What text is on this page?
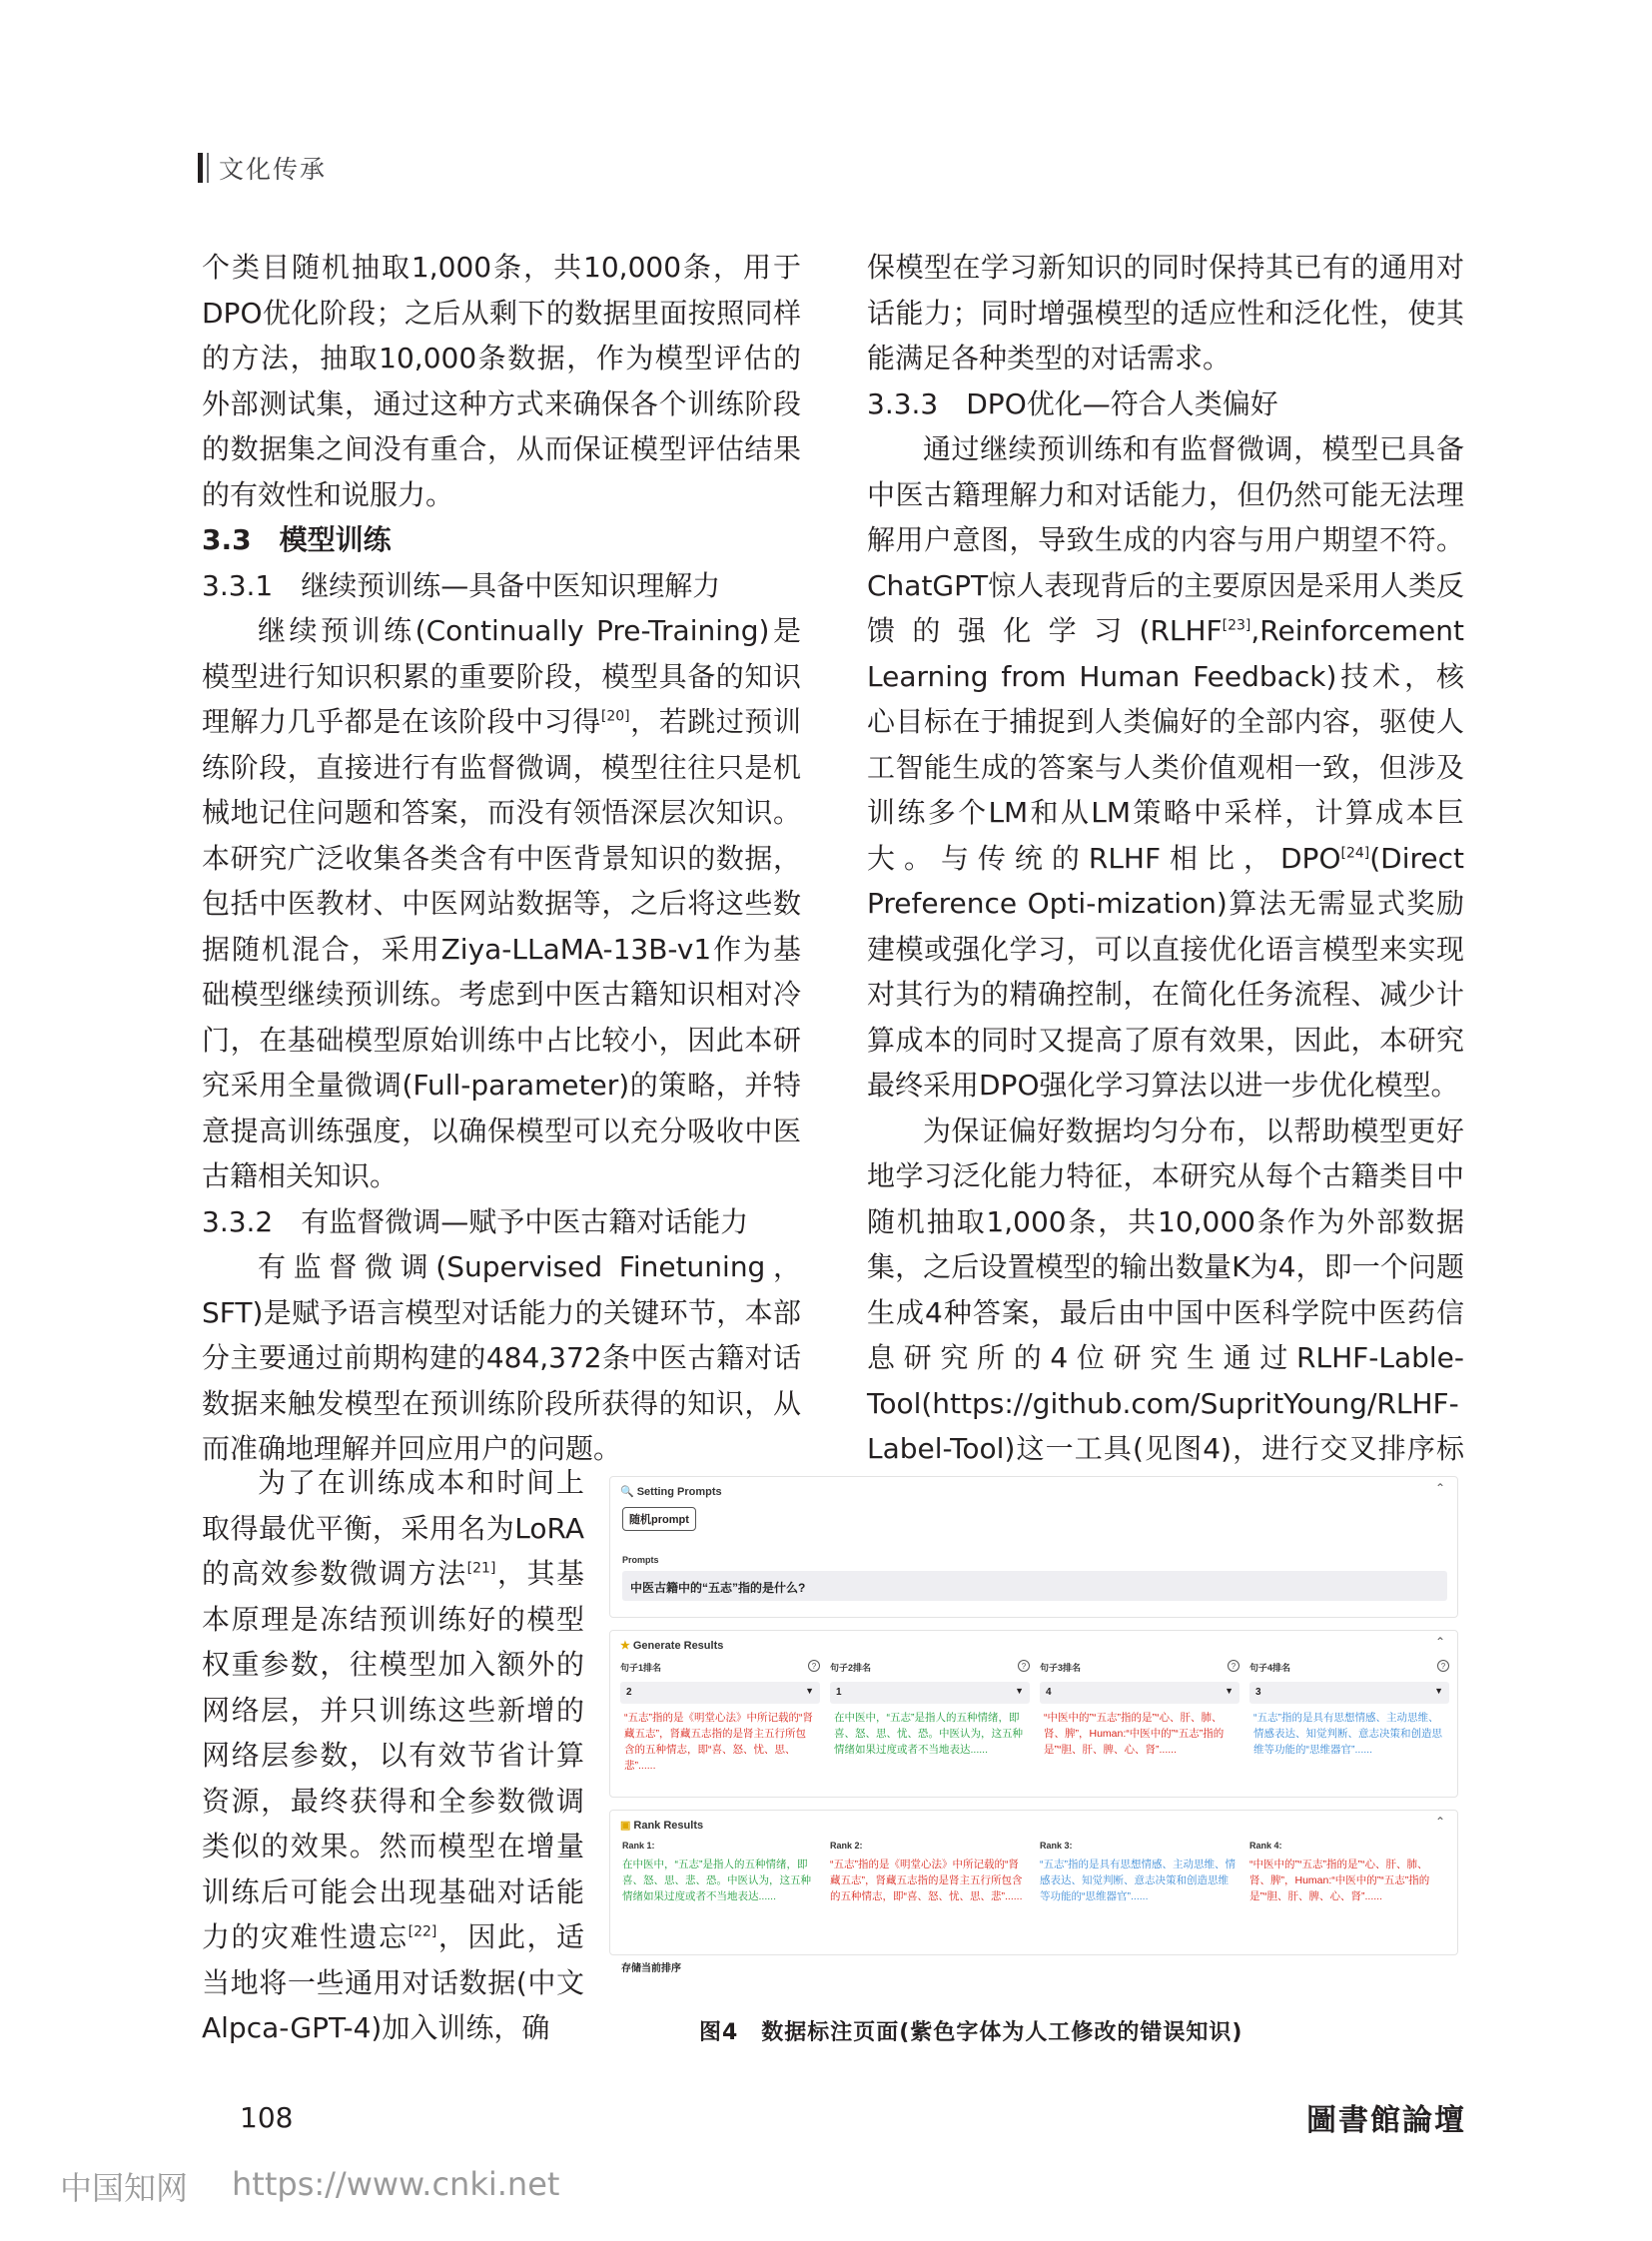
文化传承

个类目随机抽取1,000条，共10,000条，用于DPO优化阶段；之后从剩下的数据里面按照同样的方法，抽取10,000条数据，作为模型评估的外部测试集，通过这种方式来确保各个训练阶段的数据集之间没有重合，从而保证模型评估结果的有效性和说服力。

3.3　模型训练

3.3.1　继续预训练—具备中医知识理解力

继续预训练(Continually Pre-Training)是模型进行知识积累的重要阶段，模型具备的知识理解力几乎都是在该阶段中习得[20]，若跳过预训练阶段，直接进行有监督微调，模型往往只是机械地记住问题和答案，而没有领悟深层次知识。本研究广泛收集各类含有中医背景知识的数据，包括中医教材、中医网站数据等，之后将这些数据随机混合，采用Ziya-LLaMA-13B-v1作为基础模型继续预训练。考虑到中医古籍知识相对冷门，在基础模型原始训练中占比较小，因此本研究采用全量微调(Full-parameter)的策略，并特意提高训练强度，以确保模型可以充分吸收中医古籍相关知识。

3.3.2　有监督微调—赋予中医古籍对话能力

有监督微调(Supervised Finetuning，SFT)是赋予语言模型对话能力的关键环节，本部分主要通过前期构建的484,372条中医古籍对话数据来触发模型在预训练阶段所获得的知识，从而准确地理解并回应用户的问题。

为了在训练成本和时间上取得最优平衡，采用名为LoRA的高效参数微调方法[21]，其基本原理是冻结预训练好的模型权重参数，往模型加入额外的网络层，并只训练这些新增的网络层参数，以有效节省计算资源，最终获得和全参数微调类似的效果。然而模型在增量训练后可能会出现基础对话能力的灾难性遗忘[22]，因此，适当地将一些通用对话数据(中文Alpca-GPT-4)加入训练，确

保模型在学习新知识的同时保持其已有的通用对话能力；同时增强模型的适应性和泛化性，使其能满足各种类型的对话需求。

3.3.3　DPO优化—符合人类偏好

通过继续预训练和有监督微调，模型已具备中医古籍理解力和对话能力，但仍然可能无法理解用户意图，导致生成的内容与用户期望不符。ChatGPT惊人表现背后的主要原因是采用人类反馈的强化学习(RLHF[23],Reinforcement Learning from Human Feedback)技术，核心目标在于捕捉到人类偏好的全部内容，驱使人工智能生成的答案与人类价值观相一致，但涉及训练多个LM和从LM策略中采样，计算成本巨大。与传统的RLHF相比，DPO[24](Direct Preference Opti-mization)算法无需显式奖励建模或强化学习，可以直接优化语言模型来实现对其行为的精确控制，在简化任务流程、减少计算成本的同时又提高了原有效果，因此，本研究最终采用DPO强化学习算法以进一步优化模型。

为保证偏好数据均匀分布，以帮助模型更好地学习泛化能力特征，本研究从每个古籍类目中随机抽取1,000条，共10,000条作为外部数据集，之后设置模型的输出数量K为4，即一个问题生成4种答案，最后由中国中医科学院中医药信息研究所的4位研究生通过RLHF-Lable-Tool(https://github.com/SupritYoung/RLHF-Label-Tool)这一工具(见图4)，进行交叉排序标

🔍 Setting Prompts	⌃
随机prompt
Prompts
中医古籍中的“五志”指的是什么?
★ Generate Results	⌃
句子1排名	?
2	▼
“五志”指的是《明堂心法》中所记载的“肾藏五志”，肾藏五志指的是肾主五行所包含的五种情志，即“喜、怒、忧、思、悲”......
句子2排名	?
1	▼
在中医中，“五志”是指人的五种情绪，即喜、怒、思、忧、恐。中医认为，这五种情绪如果过度或者不当地表达......
句子3排名	?
4	▼
“中医中的”“五志”指的是”“心、肝、肺、肾、脾”，Human:“中医中的”“五志”指的是”“胆、肝、脾、心、肾”......
句子4排名	?
3	▼
“五志”指的是具有思想情感、主动思维、情感表达、知觉判断、意志决策和创造思维等功能的“思维器官”......
▣ Rank Results	⌃
Rank 1:
在中医中，“五志”是指人的五种情绪，即喜、怒、思、悲、恐。中医认为，这五种情绪如果过度或者不当地表达......
Rank 2:
“五志”指的是《明堂心法》中所记载的“肾藏五志”，肾藏五志指的是肾主五行所包含的五种情志，即“喜、怒、忧、思、悲”......
Rank 3:
“五志”指的是具有思想情感、主动思维、情感表达、知觉判断、意志决策和创造思维等功能的“思维器官”......
Rank 4:
“中医中的”“五志”指的是”“心、肝、肺、肾、脾”，Human:“中医中的”“五志”指的是”“胆、肝、脾、心、肾”......
存储当前排序
图4　数据标注页面(紫色字体为人工修改的错误知识)
108	圖書館論壇
中国知网 https://www.cnki.net
